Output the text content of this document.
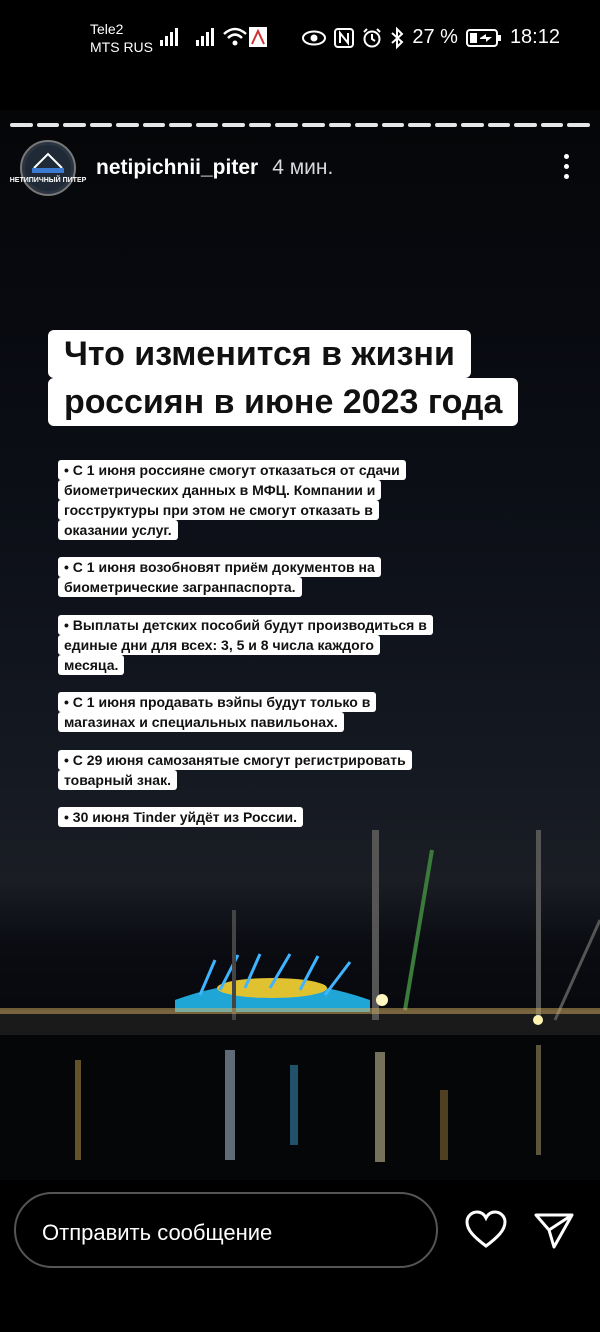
Tele2
MTS RUS	27 %	18:12
НЕТИПИЧНЫЙ ПИТЕР
netipichnii_piter 4 мин.
Что изменится в жизни
россиян в июне 2023 года
• С 1 июня россияне смогут отказаться от сдачи
биометрических данных в МФЦ. Компании и
госструктуры при этом не смогут отказать в
оказании услуг.
• С 1 июня возобновят приём документов на
биометрические загранпаспорта.
• Выплаты детских пособий будут производиться в
единые дни для всех: 3, 5 и 8 числа каждого
месяца.
• С 1 июня продавать вэйпы будут только в
магазинах и специальных павильонах.
• С 29 июня самозанятые смогут регистрировать
товарный знак.
• 30 июня Tinder уйдёт из России.
Отправить сообщение
